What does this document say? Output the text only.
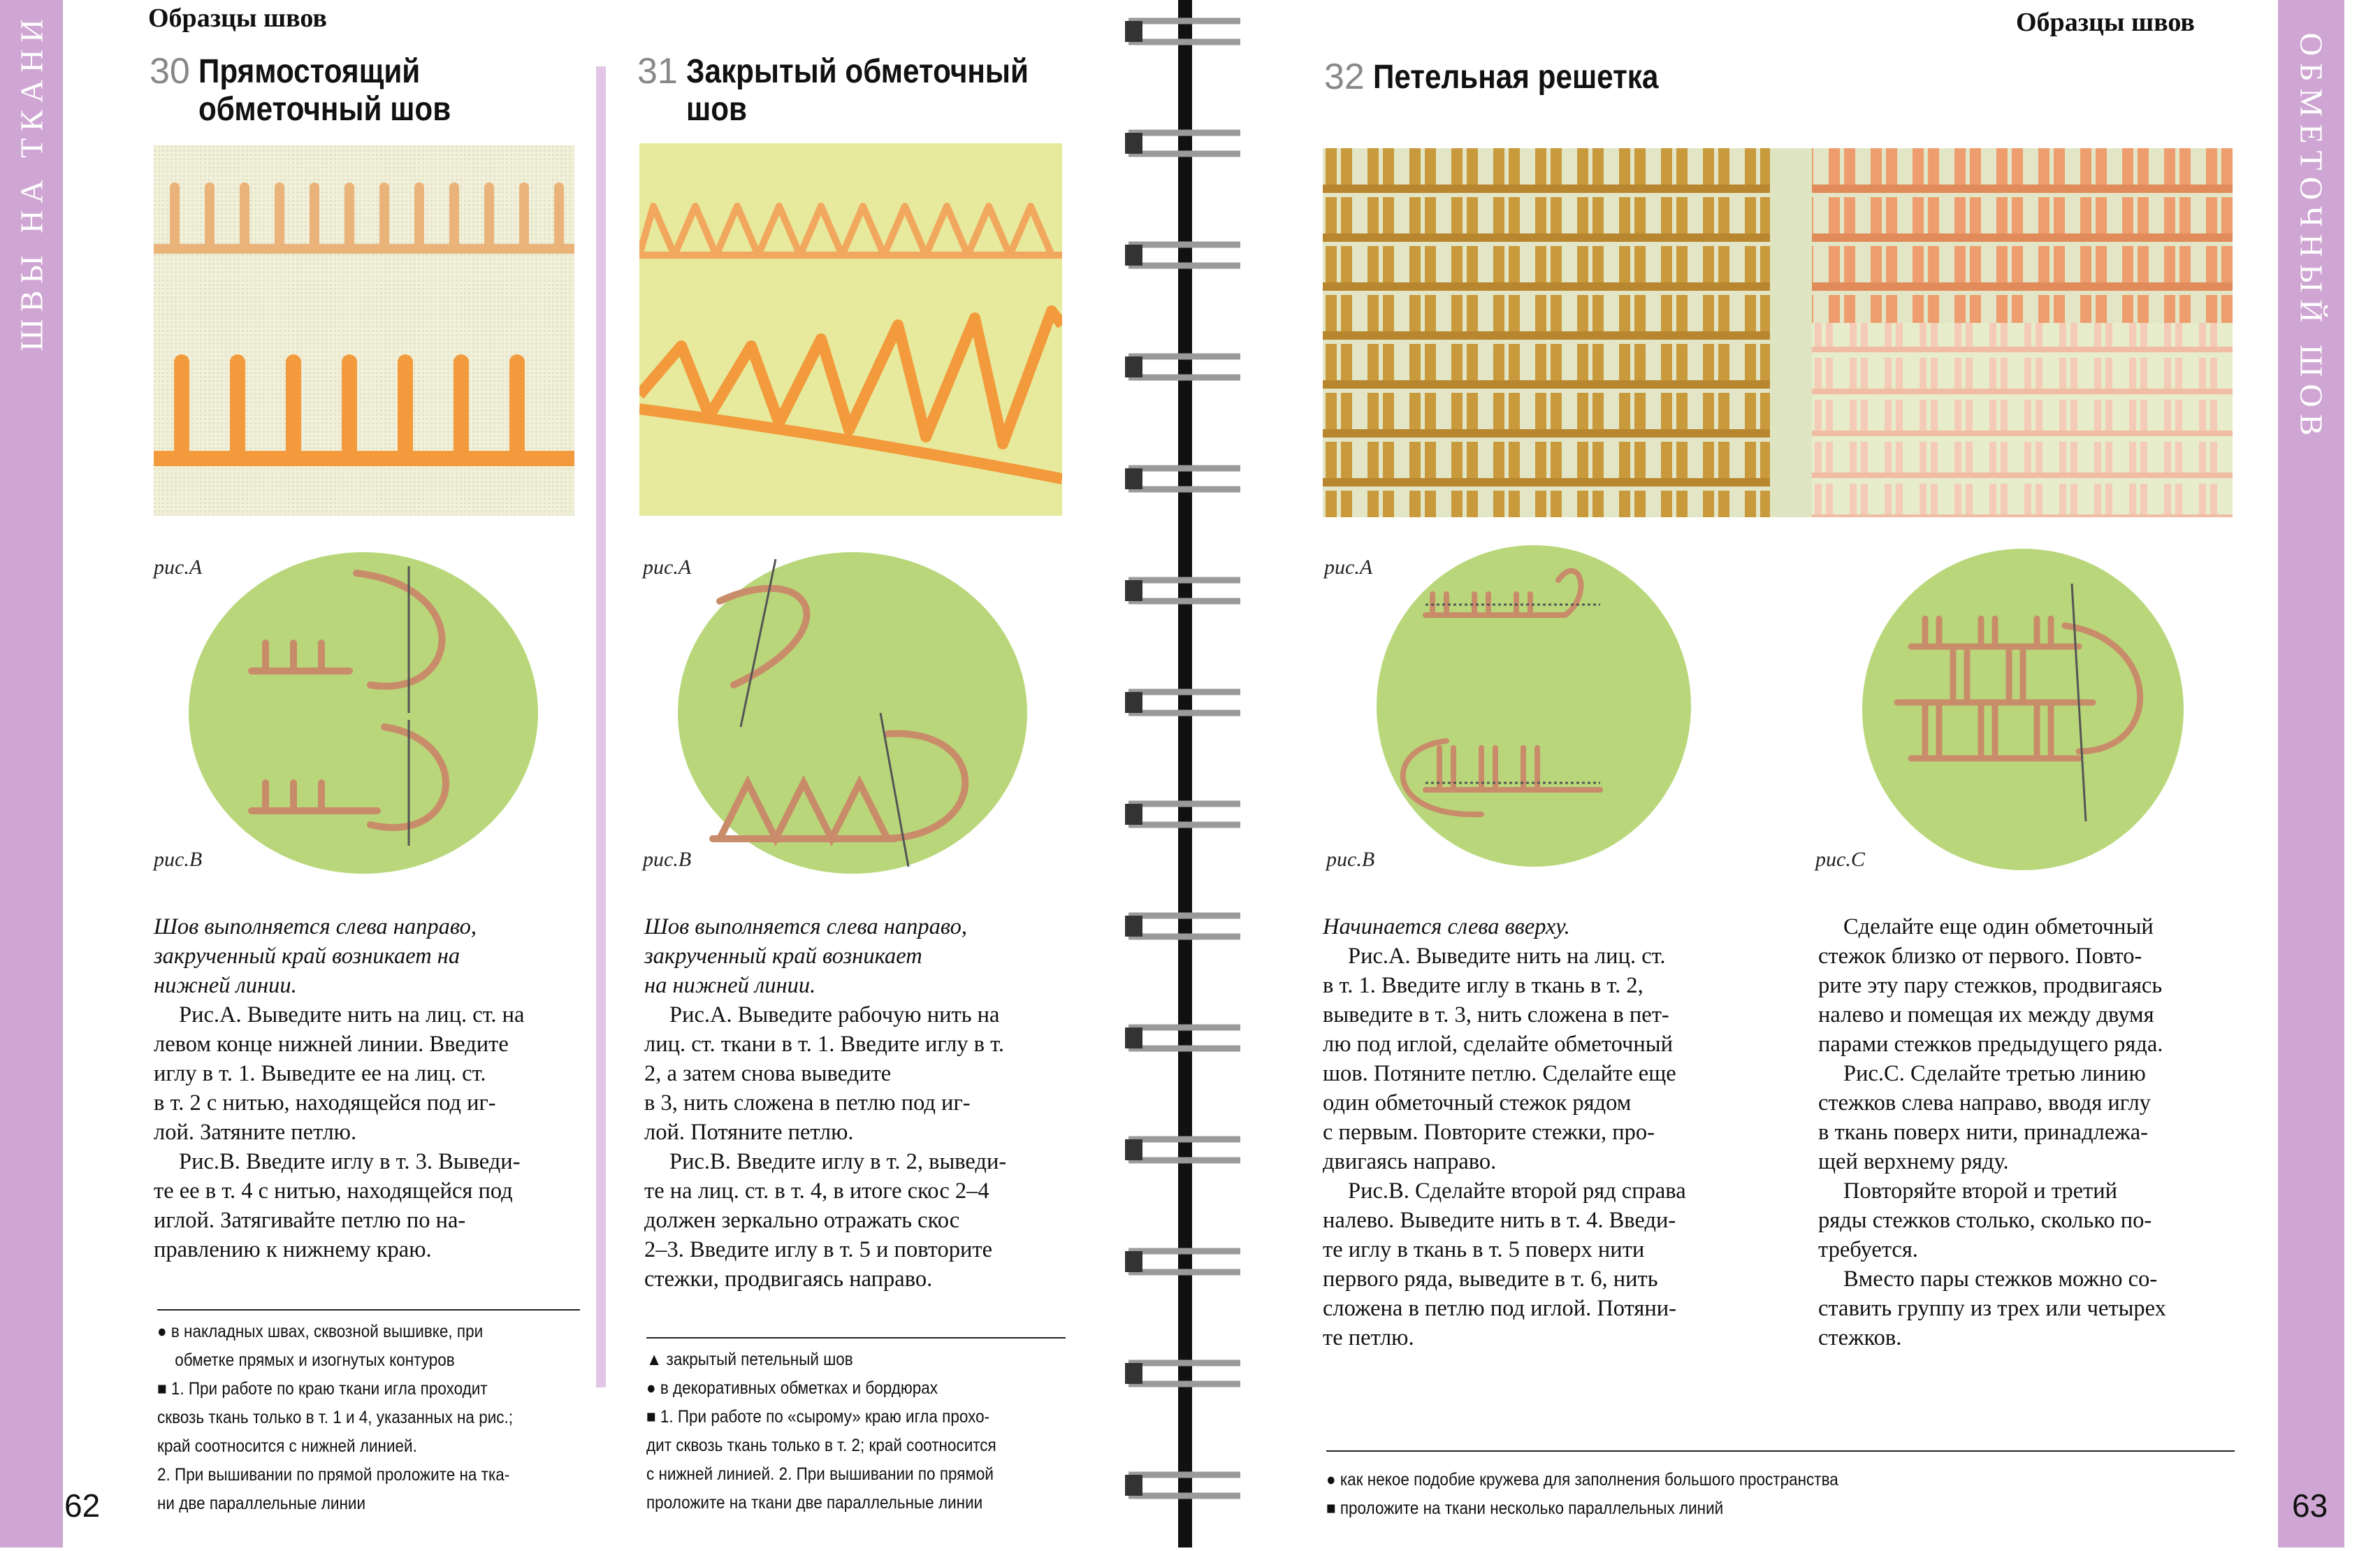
ШВЫ НА ТКАНИ	Образцы швов
30 Прямостоящий
обметочный шов
рис.A
рис.B

Шов выполняется слева направо,

закрученный край возникает на

нижней линии.

Рис.А. Выведите нить на лиц. ст. на

левом конце нижней линии. Введите

иглу в т. 1. Выведите ее на лиц. ст.

в т. 2 с нитью, находящейся под иг-

лой. Затяните петлю.

Рис.В. Введите иглу в т. 3. Выведи-

те ее в т. 4 с нитью, находящейся под

иглой. Затягивайте петлю по на-

правлению к нижнему краю.

● в накладных швах, сквозной вышивке, при

обметке прямых и изогнутых контуров

■ 1. При работе по краю ткани игла проходит

сквозь ткань только в т. 1 и 4, указанных на рис.;

край соотносится с нижней линией.

2. При вышивании по прямой проложите на тка-

ни две параллельные линии

31 Закрытый обметочный
шов
рис.A
рис.B

Шов выполняется слева направо,

закрученный край возникает

на нижней линии.

Рис.А. Выведите рабочую нить на

лиц. ст. ткани в т. 1. Введите иглу в т.

2, а затем снова выведите

в 3, нить сложена в петлю под иг-

лой. Потяните петлю.

Рис.В. Введите иглу в т. 2, выведи-

те на лиц. ст. в т. 4, в итоге скос 2–4

должен зеркально отражать скос

2–3. Введите иглу в т. 5 и повторите

стежки, продвигаясь направо.

▲ закрытый петельный шов

● в декоративных обметках и бордюрах

■ 1. При работе по «сырому» краю игла прохо-

дит сквозь ткань только в т. 2; край соотносится

с нижней линией. 2. При вышивании по прямой

проложите на ткани две параллельные линии

62
Образцы швов
ОБМЕТОЧНЫЙ ШОВ
32 Петельная решетка
рис.A
рис.B	рис.C

Начинается слева вверху.

Рис.А. Выведите нить на лиц. ст.

в т. 1. Введите иглу в ткань в т. 2,

выведите в т. 3, нить сложена в пет-

лю под иглой, сделайте обметочный

шов. Потяните петлю. Сделайте еще

один обметочный стежок рядом

с первым. Повторите стежки, про-

двигаясь направо.

Рис.В. Сделайте второй ряд справа

налево. Выведите нить в т. 4. Введи-

те иглу в ткань в т. 5 поверх нити

первого ряда, выведите в т. 6, нить

сложена в петлю под иглой. Потяни-

те петлю.

Сделайте еще один обметочный

стежок близко от первого. Повто-

рите эту пару стежков, продвигаясь

налево и помещая их между двумя

парами стежков предыдущего ряда.

Рис.С. Сделайте третью линию

стежков слева направо, вводя иглу

в ткань поверх нити, принадлежа-

щей верхнему ряду.

Повторяйте второй и третий

ряды стежков столько, сколько по-

требуется.

Вместо пары стежков можно со-

ставить группу из трех или четырех

стежков.

● как некое подобие кружева для заполнения большого пространства

■ проложите на ткани несколько параллельных линий	63
